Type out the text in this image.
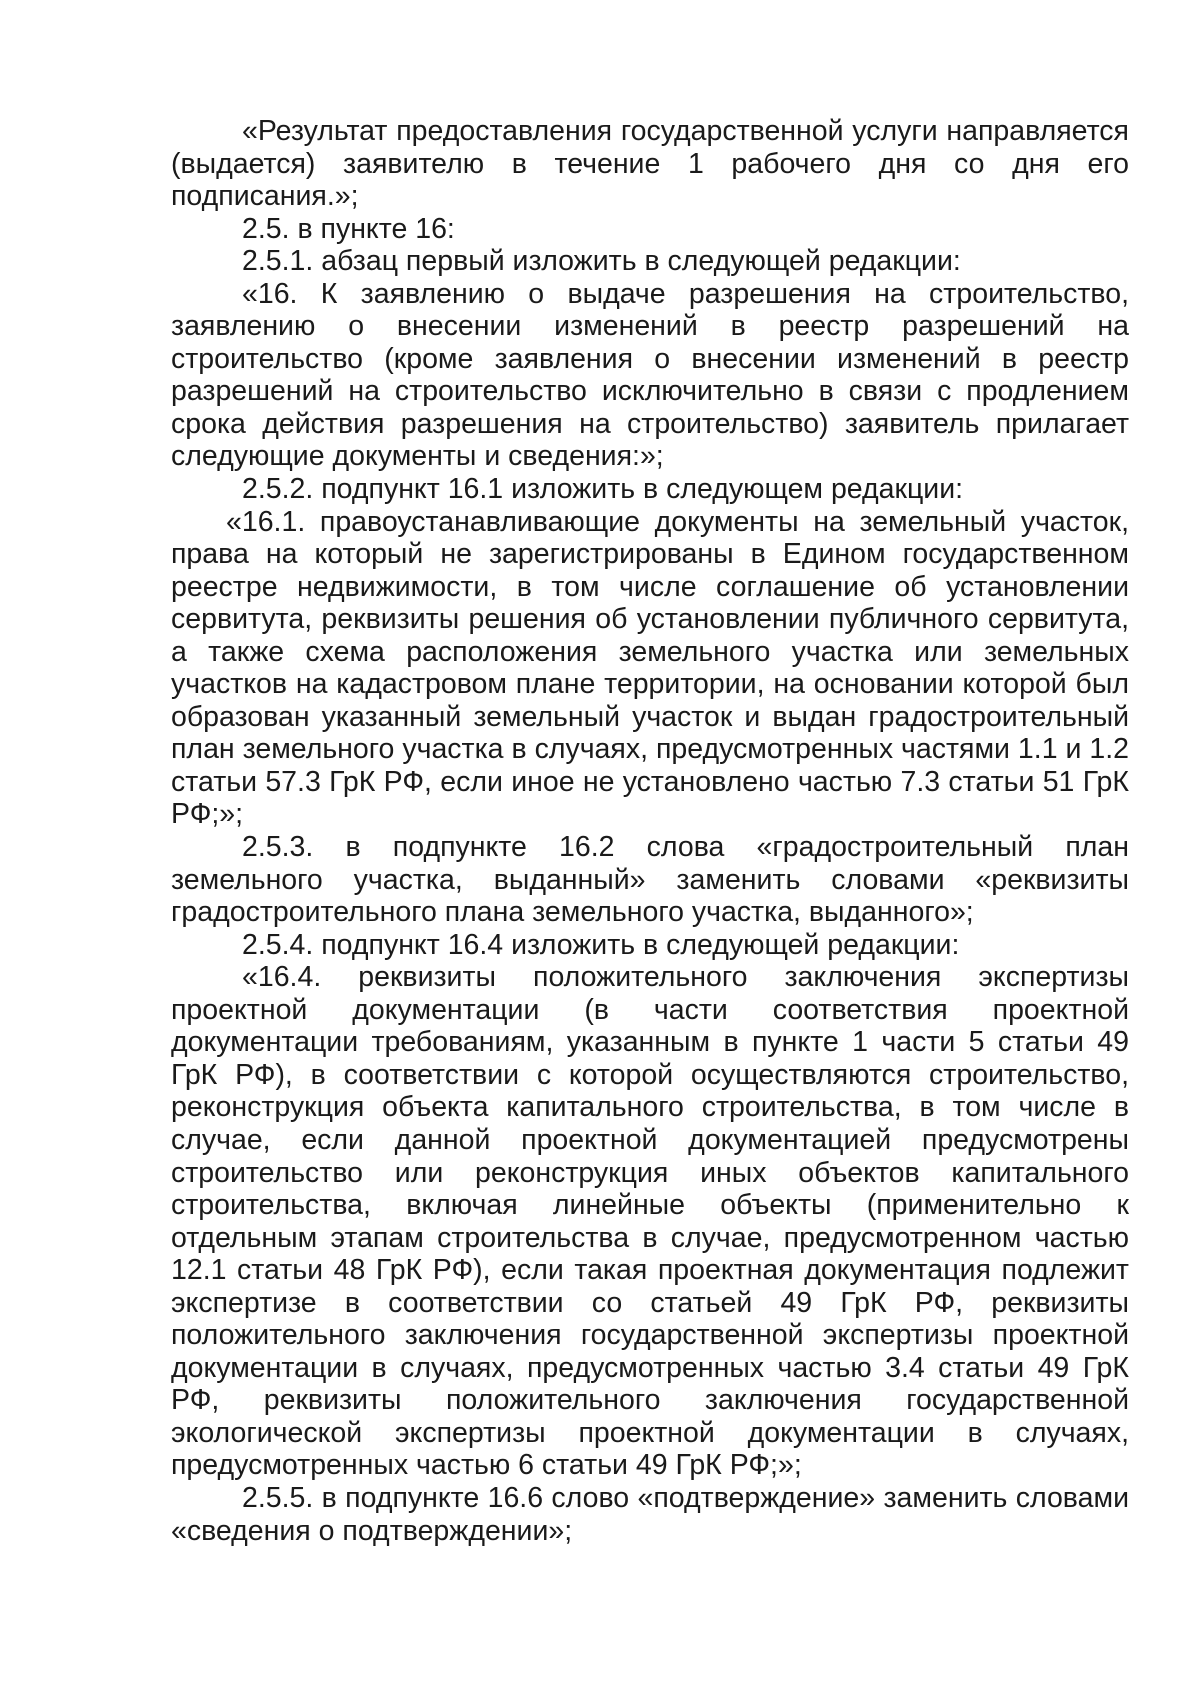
«Результат предоставления государственной услуги направляется (выдается) заявителю в течение 1 рабочего дня со дня его подписания.»;

2.5. в пункте 16:

2.5.1. абзац первый изложить в следующей редакции:

«16. К заявлению о выдаче разрешения на строительство, заявлению о внесении изменений в реестр разрешений на строительство (кроме заявления о внесении изменений в реестр разрешений на строительство исключительно в связи с продлением срока действия разрешения на строительство) заявитель прилагает следующие документы и сведения:»;

2.5.2. подпункт 16.1 изложить в следующем редакции:

«16.1. правоустанавливающие документы на земельный участок, права на который не зарегистрированы в Едином государственном реестре недвижимости, в том числе соглашение об установлении сервитута, реквизиты решения об установлении публичного сервитута, а также схема расположения земельного участка или земельных участков на кадастровом плане территории, на основании которой был образован указанный земельный участок и выдан градостроительный план земельного участка в случаях, предусмотренных частями 1.1 и 1.2 статьи 57.3 ГрК РФ, если иное не установлено частью 7.3 статьи 51 ГрК РФ;»;

2.5.3. в подпункте 16.2 слова «градостроительный план земельного участка, выданный» заменить словами «реквизиты градостроительного плана земельного участка, выданного»;

2.5.4. подпункт 16.4 изложить в следующей редакции:

«16.4. реквизиты положительного заключения экспертизы проектной документации (в части соответствия проектной документации требованиям, указанным в пункте 1 части 5 статьи 49 ГрК РФ), в соответствии с которой осуществляются строительство, реконструкция объекта капитального строительства, в том числе в случае, если данной проектной документацией предусмотрены строительство или реконструкция иных объектов капитального строительства, включая линейные объекты (применительно к отдельным этапам строительства в случае, предусмотренном частью 12.1 статьи 48 ГрК РФ), если такая проектная документация подлежит экспертизе в соответствии со статьей 49 ГрК РФ, реквизиты положительного заключения государственной экспертизы проектной документации в случаях, предусмотренных частью 3.4 статьи 49 ГрК РФ, реквизиты положительного заключения государственной экологической экспертизы проектной документации в случаях, предусмотренных частью 6 статьи 49 ГрК РФ;»;

2.5.5. в подпункте 16.6 слово «подтверждение» заменить словами «сведения о подтверждении»;
